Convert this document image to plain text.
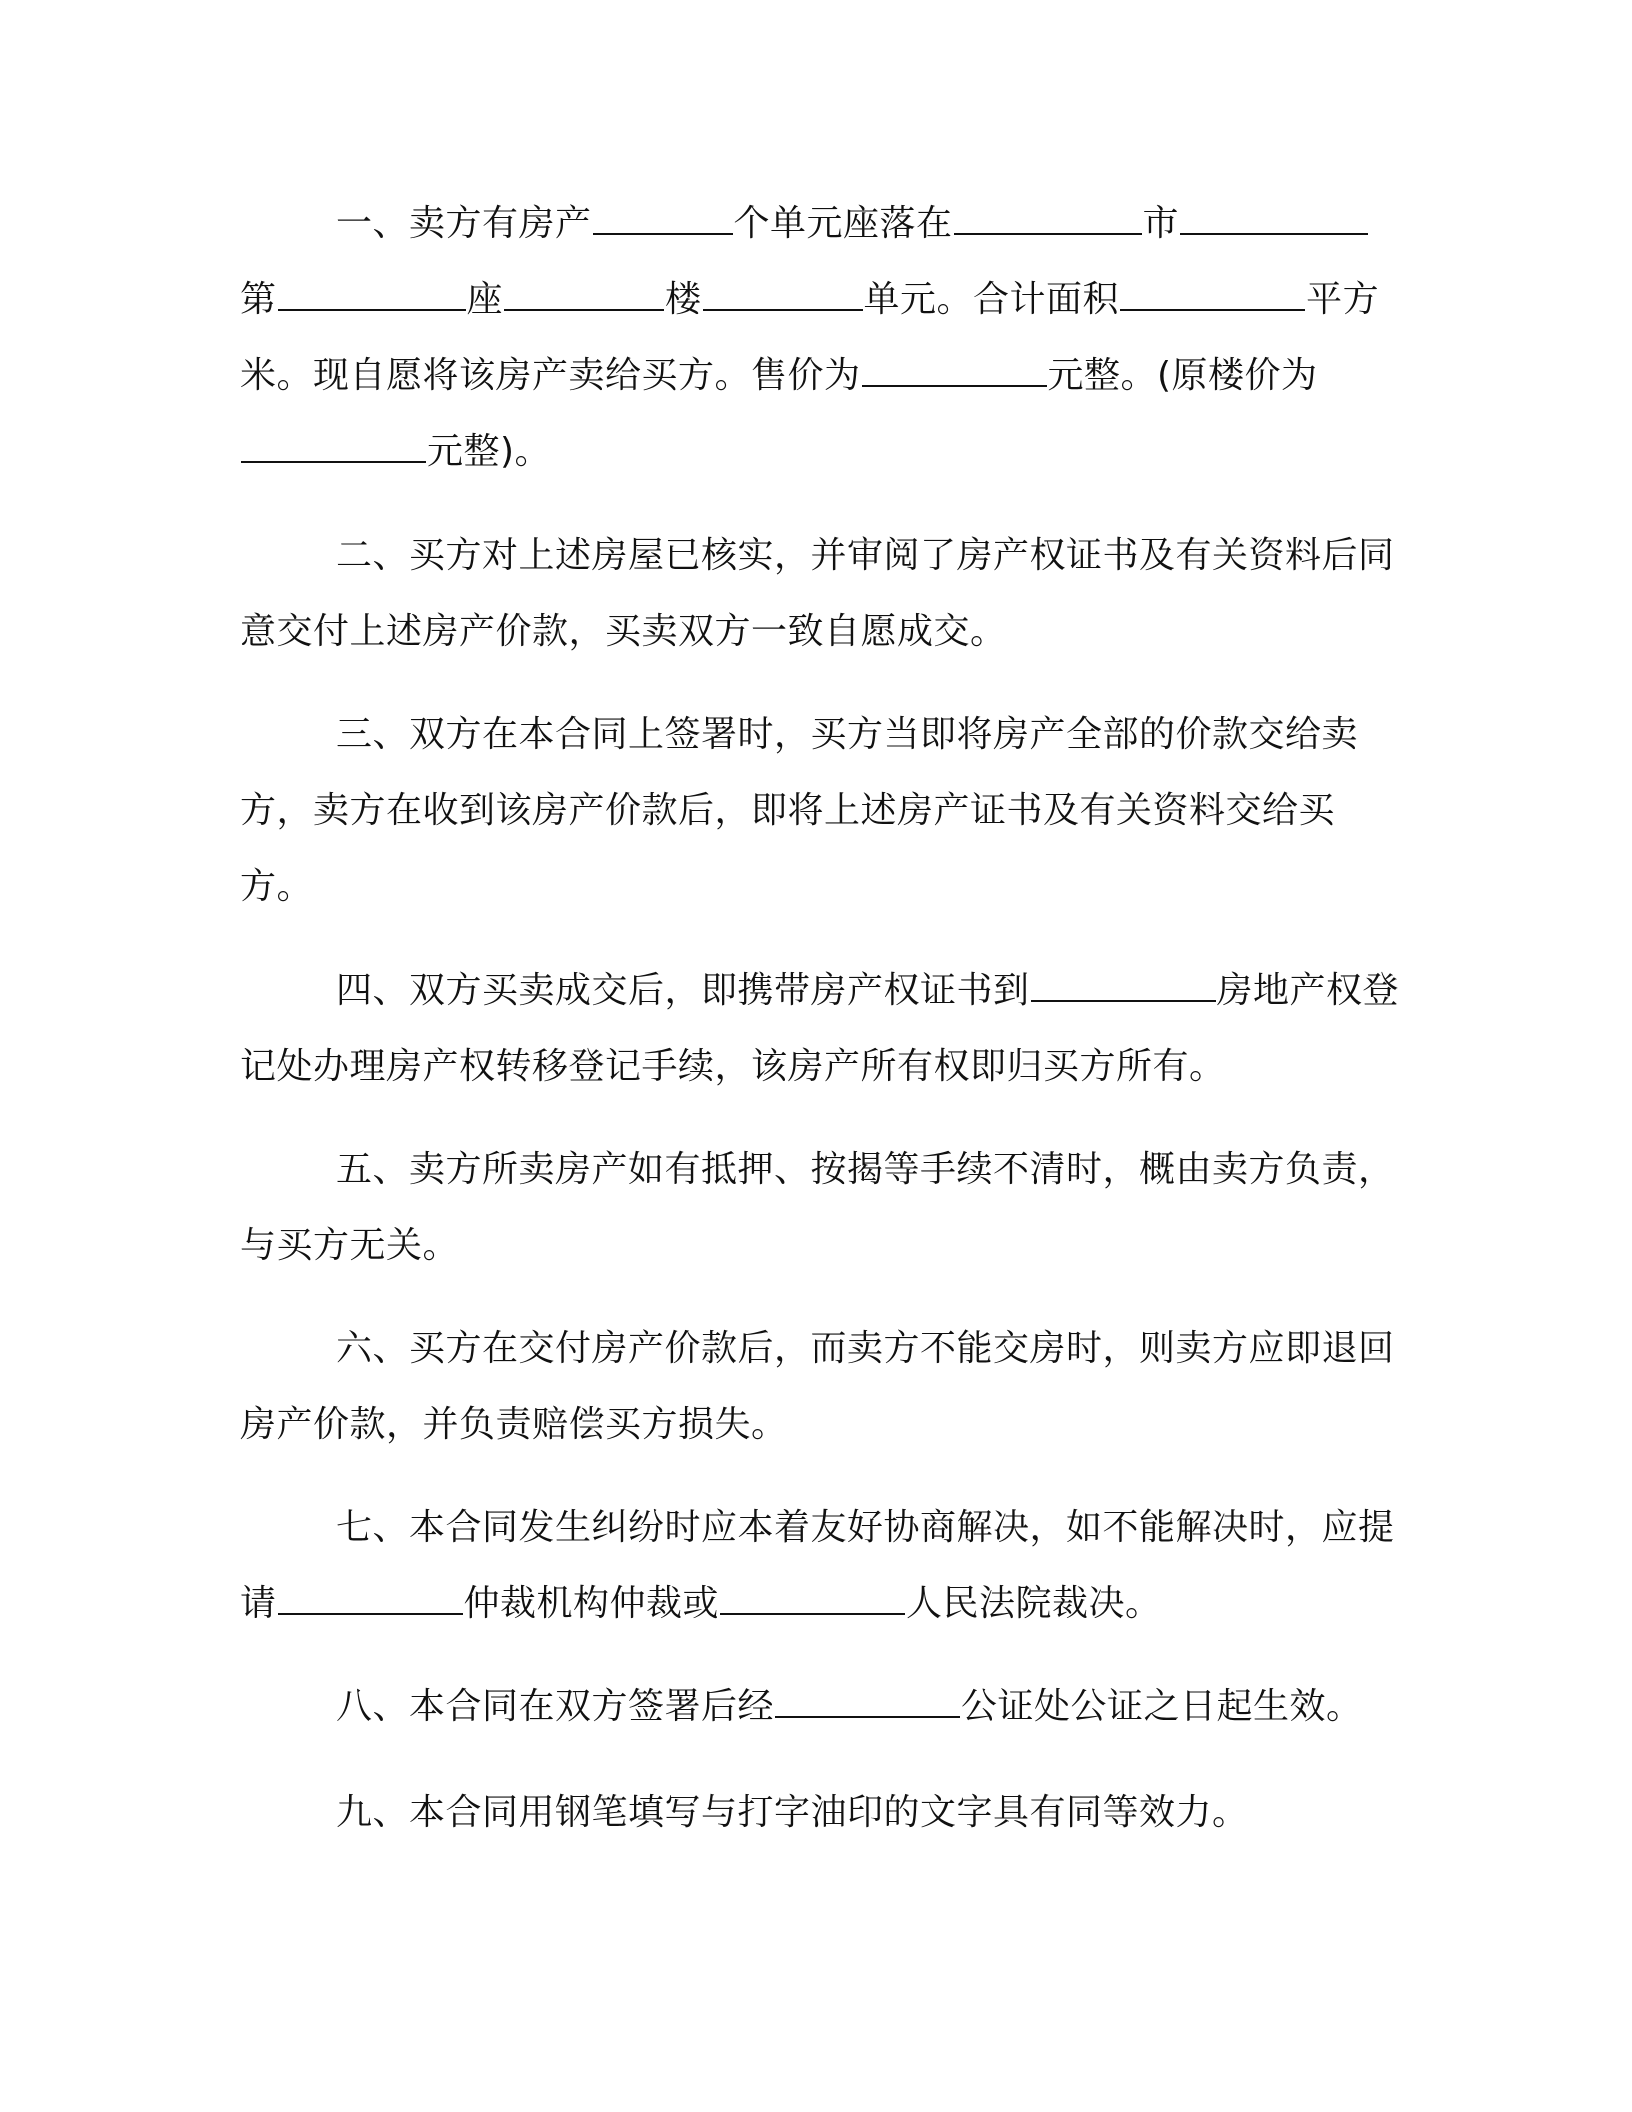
一、卖方有房产	个单元座落在	市第	座	楼	单元。合计面积	平方米。现自愿将该房产卖给买方。售价为	元整。(原楼价为元整)。

二、买方对上述房屋已核实，并审阅了房产权证书及有关资料后同意交付上述房产价款，买卖双方一致自愿成交。

三、双方在本合同上签署时，买方当即将房产全部的价款交给卖方，卖方在收到该房产价款后，即将上述房产证书及有关资料交给买方。

四、双方买卖成交后，即携带房产权证书到	房地产权登记处办理房产权转移登记手续，该房产所有权即归买方所有。

五、卖方所卖房产如有抵押、按揭等手续不清时，概由卖方负责，与买方无关。

六、买方在交付房产价款后，而卖方不能交房时，则卖方应即退回房产价款，并负责赔偿买方损失。

七、本合同发生纠纷时应本着友好协商解决，如不能解决时，应提请	仲裁机构仲裁或	人民法院裁决。

八、本合同在双方签署后经	公证处公证之日起生效。

九、本合同用钢笔填写与打字油印的文字具有同等效力。
